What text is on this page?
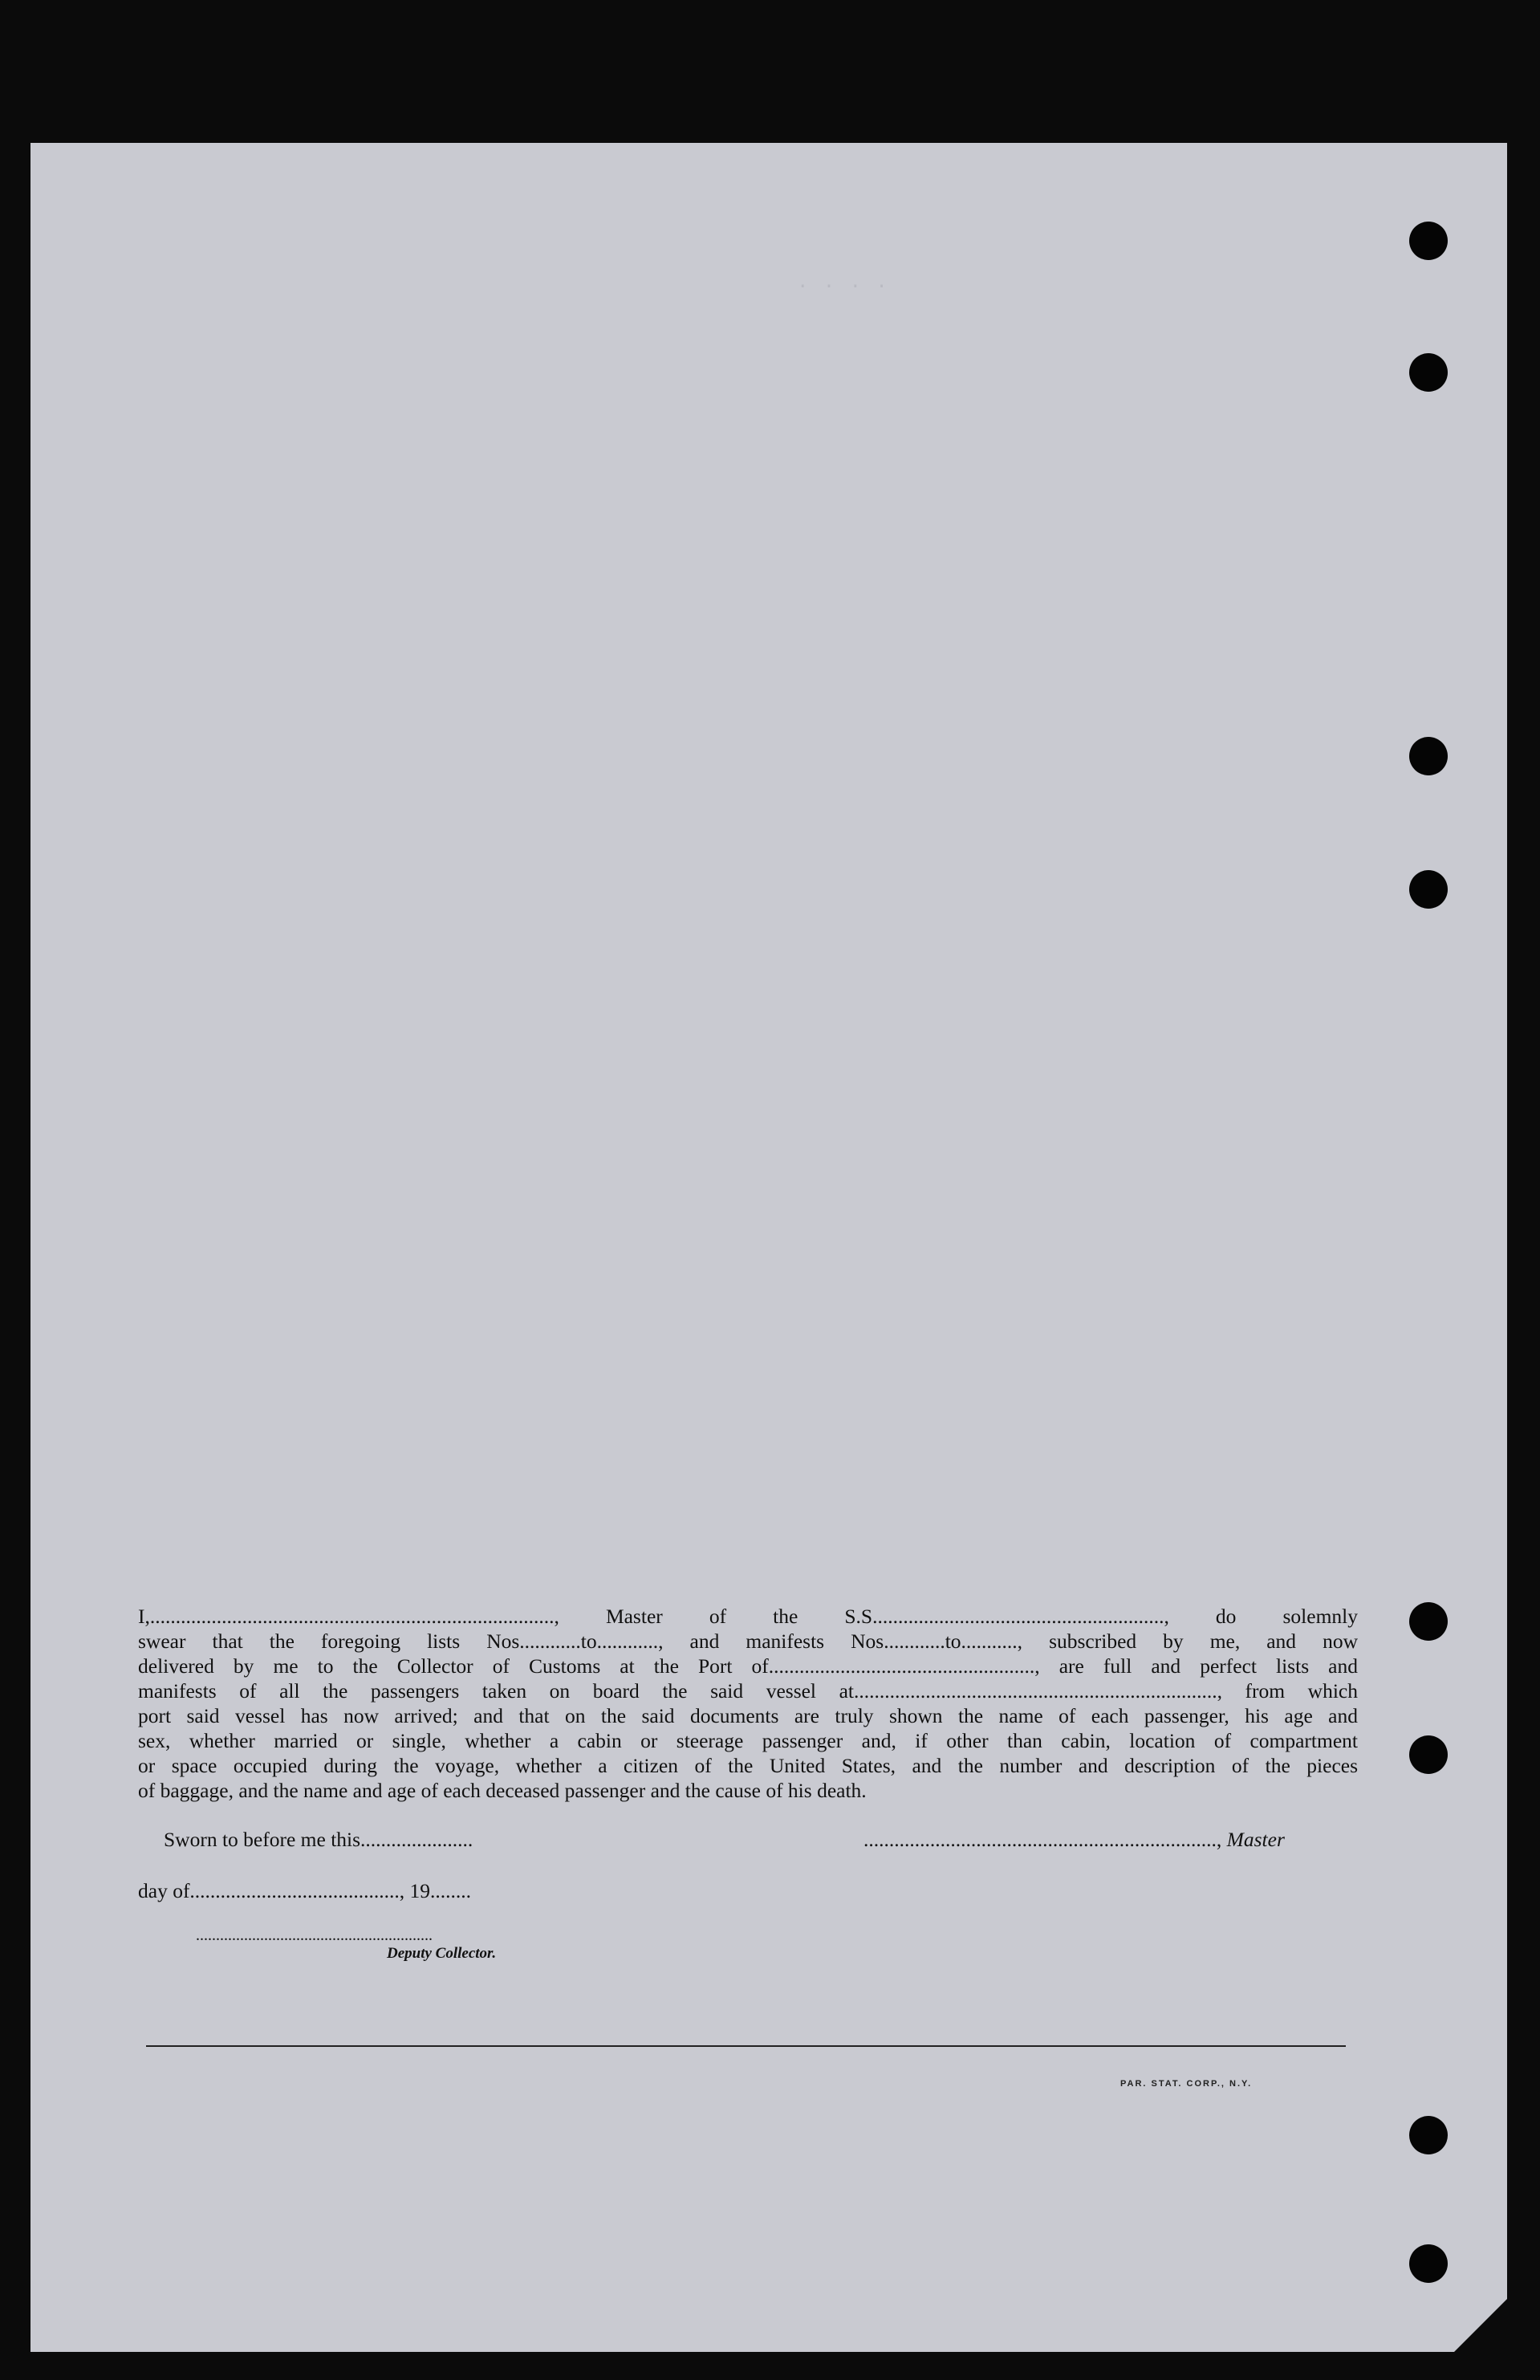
· · · ·
I,..............................................................................., Master of the S.S........................................................., do solemnly
swear that the foregoing lists Nos............to............, and manifests Nos............to..........., subscribed by me, and now
delivered by me to the Collector of Customs at the Port of...................................................., are full and perfect lists and
manifests of all the passengers taken on board the said vessel at......................................................................., from which
port said vessel has now arrived; and that on the said documents are truly shown the name of each passenger, his age and
sex, whether married or single, whether a cabin or steerage passenger and, if other than cabin, location of compartment
or space occupied during the voyage, whether a citizen of the United States, and the number and description of the pieces
of baggage, and the name and age of each deceased passenger and the cause of his death.
Sworn to before me this......................	....................................................................., Master
day of........................................., 19........
...........................................................
Deputy Collector.
PAR. STAT. CORP., N.Y.
